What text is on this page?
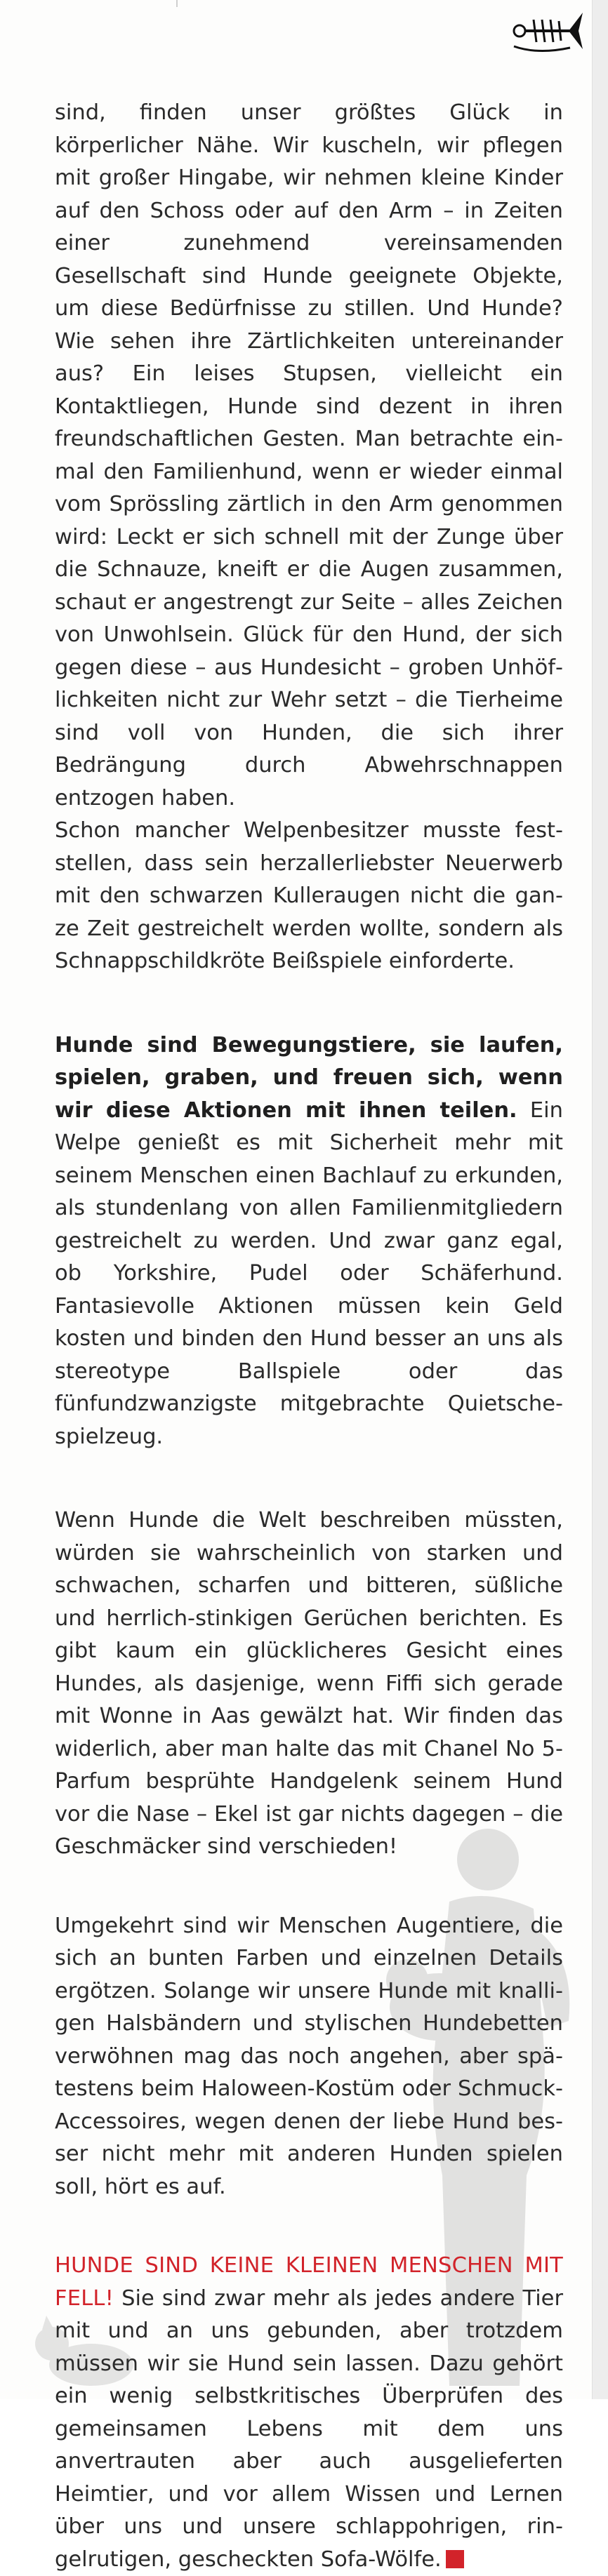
sind, finden unser größtes Glück in körperlicher Nähe. Wir kuscheln, wir pflegen mit großer Hingabe, wir nehmen kleine Kinder auf den Schoss oder auf den Arm – in Zeiten einer zunehmend vereinsamenden Gesellschaft sind Hunde geeignete Objekte, um diese Bedürfnisse zu stillen. Und Hunde? Wie sehen ihre Zärtlichkeiten untereinander aus? Ein leises Stupsen, vielleicht ein Kontaktliegen, Hunde sind dezent in ihren freundschaftlichen Gesten. Man betrachte einmal den Familienhund, wenn er wieder einmal vom Sprössling zärtlich in den Arm genommen wird: Leckt er sich schnell mit der Zunge über die Schnauze, kneift er die Augen zusammen, schaut er angestrengt zur Seite – alles Zeichen von Unwohlsein. Glück für den Hund, der sich gegen diese – aus Hundesicht – groben Unhöflichkeiten nicht zur Wehr setzt – die Tierheime sind voll von Hunden, die sich ihrer Bedrängung durch Abwehrschnappen entzogen haben.
Schon mancher Welpenbesitzer musste feststellen, dass sein herzallerliebster Neuerwerb mit den schwarzen Kulleraugen nicht die ganze Zeit gestreichelt werden wollte, sondern als Schnappschildkröte Beißspiele einforderte.

Hunde sind Bewegungstiere, sie laufen, spielen, graben, und freuen sich, wenn wir diese Aktionen mit ihnen teilen. Ein Welpe genießt es mit Sicherheit mehr mit seinem Menschen einen Bachlauf zu erkunden, als stundenlang von allen Familienmitgliedern gestreichelt zu werden. Und zwar ganz egal, ob Yorkshire, Pudel oder Schäferhund. Fantasievolle Aktionen müssen kein Geld kosten und binden den Hund besser an uns als stereotype Ballspiele oder das fünfundzwanzigste mitgebrachte Quietschespielzeug.

Wenn Hunde die Welt beschreiben müssten, würden sie wahrscheinlich von starken und schwachen, scharfen und bitteren, süßliche und herrlich-stinkigen Gerüchen berichten. Es gibt kaum ein glücklicheres Gesicht eines Hundes, als dasjenige, wenn Fiffi sich gerade mit Wonne in Aas gewälzt hat. Wir finden das widerlich, aber man halte das mit Chanel No 5-Parfum besprühte Handgelenk seinem Hund vor die Nase – Ekel ist gar nichts dagegen – die Geschmäcker sind verschieden!

Umgekehrt sind wir Menschen Augentiere, die sich an bunten Farben und einzelnen Details ergötzen. Solange wir unsere Hunde mit knalligen Halsbändern und stylischen Hundebetten verwöhnen mag das noch angehen, aber spätestens beim Haloween-Kostüm oder Schmuck-Accessoires, wegen denen der liebe Hund besser nicht mehr mit anderen Hunden spielen soll, hört es auf.

HUNDE SIND KEINE KLEINEN MENSCHEN MIT FELL! Sie sind zwar mehr als jedes andere Tier mit und an uns gebunden, aber trotzdem müssen wir sie Hund sein lassen. Dazu gehört ein wenig selbstkritisches Überprüfen des gemeinsamen Lebens mit dem uns anvertrauten aber auch ausgelieferten Heimtier, und vor allem Wissen und Lernen über uns und unsere schlappohrigen, ringelrutigen, gescheckten Sofa-Wölfe.
